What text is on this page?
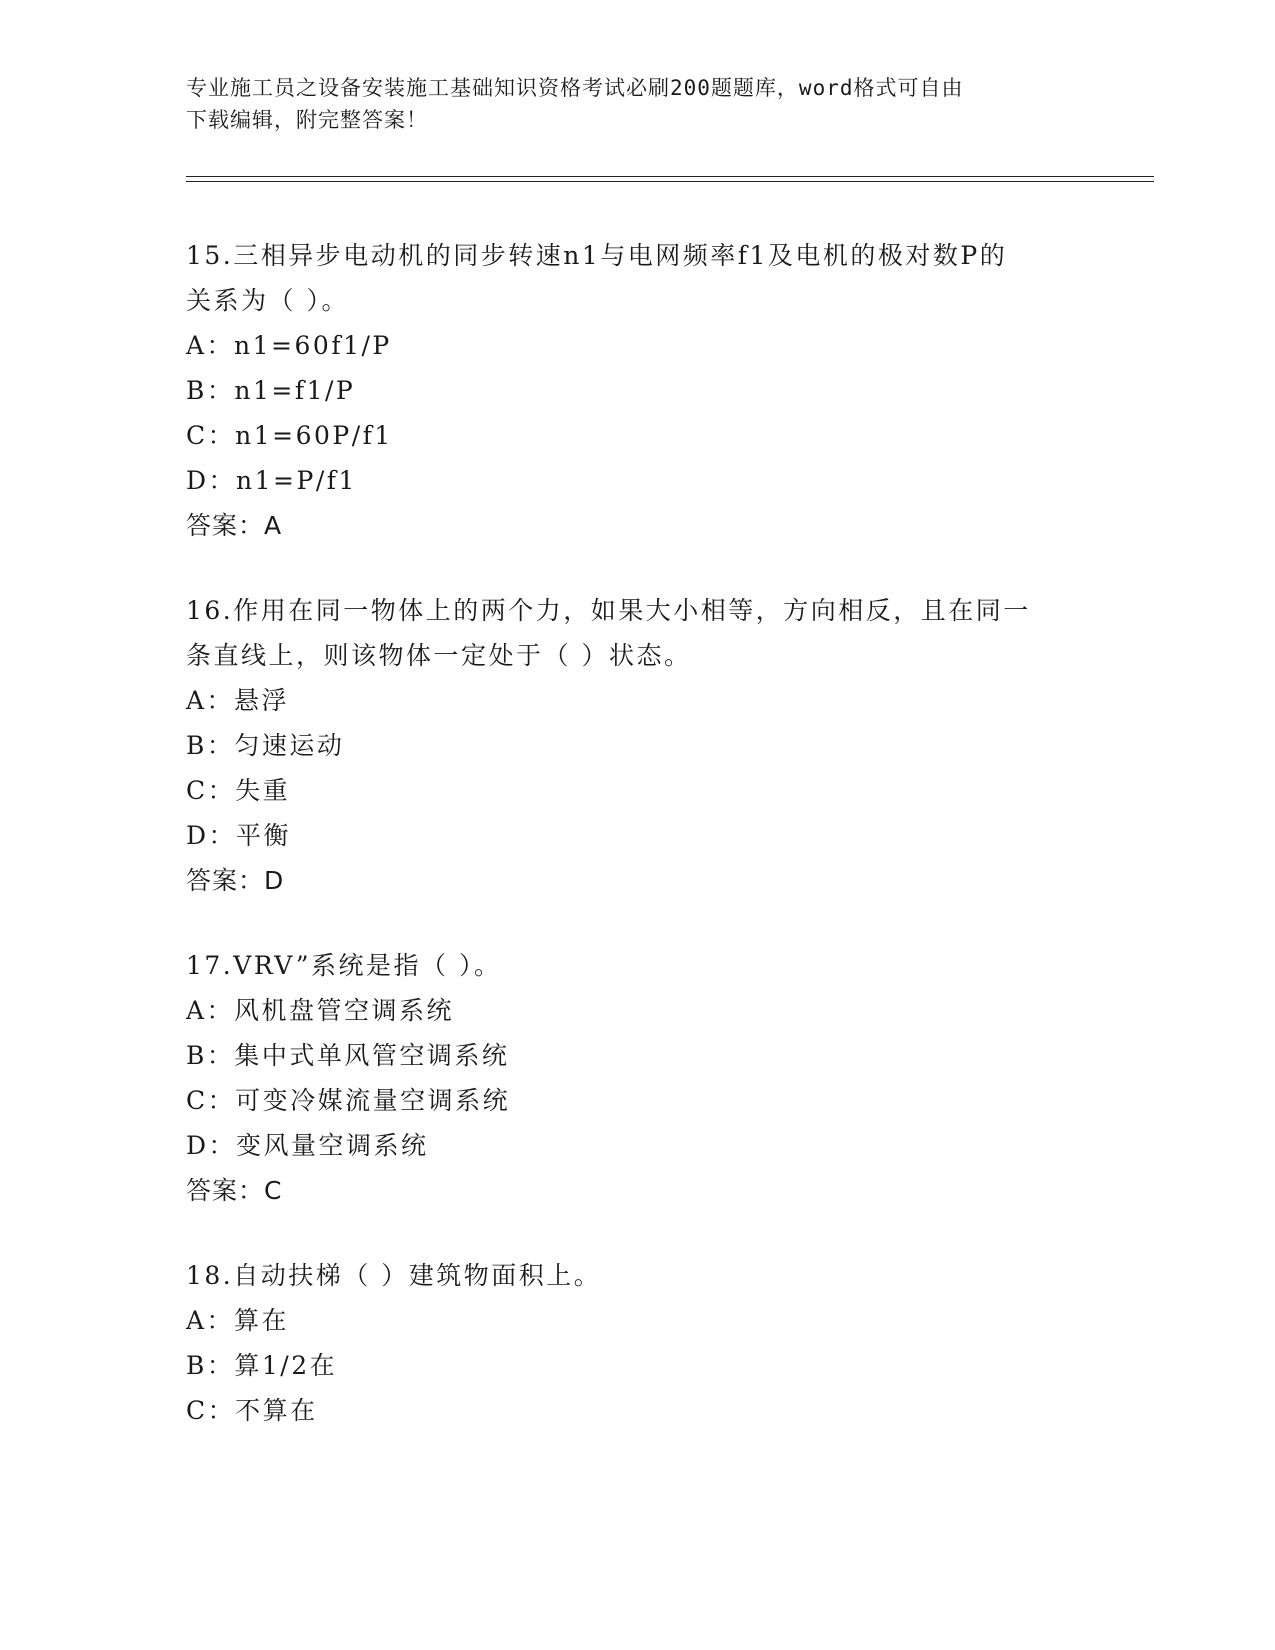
专业施工员之设备安装施工基础知识资格考试必刷200题题库，word格式可自由
下载编辑，附完整答案！
15.三相异步电动机的同步转速n1与电网频率f1及电机的极对数P的
关系为（ ）。
A：n1=60f1/P
B：n1=f1/P
C：n1=60P/f1
D：n1=P/f1
答案：A
16.作用在同一物体上的两个力，如果大小相等，方向相反，且在同一
条直线上，则该物体一定处于（ ）状态。
A：悬浮
B：匀速运动
C：失重
D：平衡
答案：D
17.VRV”系统是指（ ）。
A：风机盘管空调系统
B：集中式单风管空调系统
C：可变冷媒流量空调系统
D：变风量空调系统
答案：C
18.自动扶梯（ ）建筑物面积上。
A：算在
B：算1/2在
C：不算在
